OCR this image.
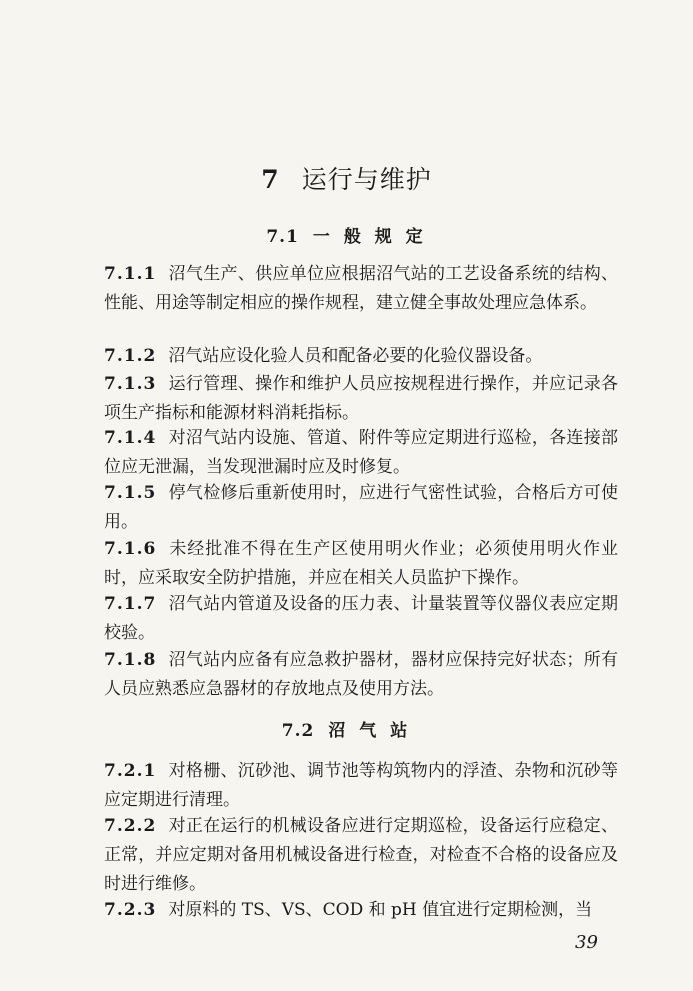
7 运行与维护
7.1 一 般 规 定
7.1.1 沼气生产、供应单位应根据沼气站的工艺设备系统的结构、性能、用途等制定相应的操作规程，建立健全事故处理应急体系。
7.1.2 沼气站应设化验人员和配备必要的化验仪器设备。
7.1.3 运行管理、操作和维护人员应按规程进行操作，并应记录各项生产指标和能源材料消耗指标。
7.1.4 对沼气站内设施、管道、附件等应定期进行巡检，各连接部位应无泄漏，当发现泄漏时应及时修复。
7.1.5 停气检修后重新使用时，应进行气密性试验，合格后方可使用。
7.1.6 未经批准不得在生产区使用明火作业；必须使用明火作业时，应采取安全防护措施，并应在相关人员监护下操作。
7.1.7 沼气站内管道及设备的压力表、计量装置等仪器仪表应定期校验。
7.1.8 沼气站内应备有应急救护器材，器材应保持完好状态；所有人员应熟悉应急器材的存放地点及使用方法。
7.2 沼 气 站
7.2.1 对格栅、沉砂池、调节池等构筑物内的浮渣、杂物和沉砂等应定期进行清理。
7.2.2 对正在运行的机械设备应进行定期巡检，设备运行应稳定、正常，并应定期对备用机械设备进行检查，对检查不合格的设备应及时进行维修。
7.2.3 对原料的 TS、VS、COD 和 pH 值宜进行定期检测，当
39
